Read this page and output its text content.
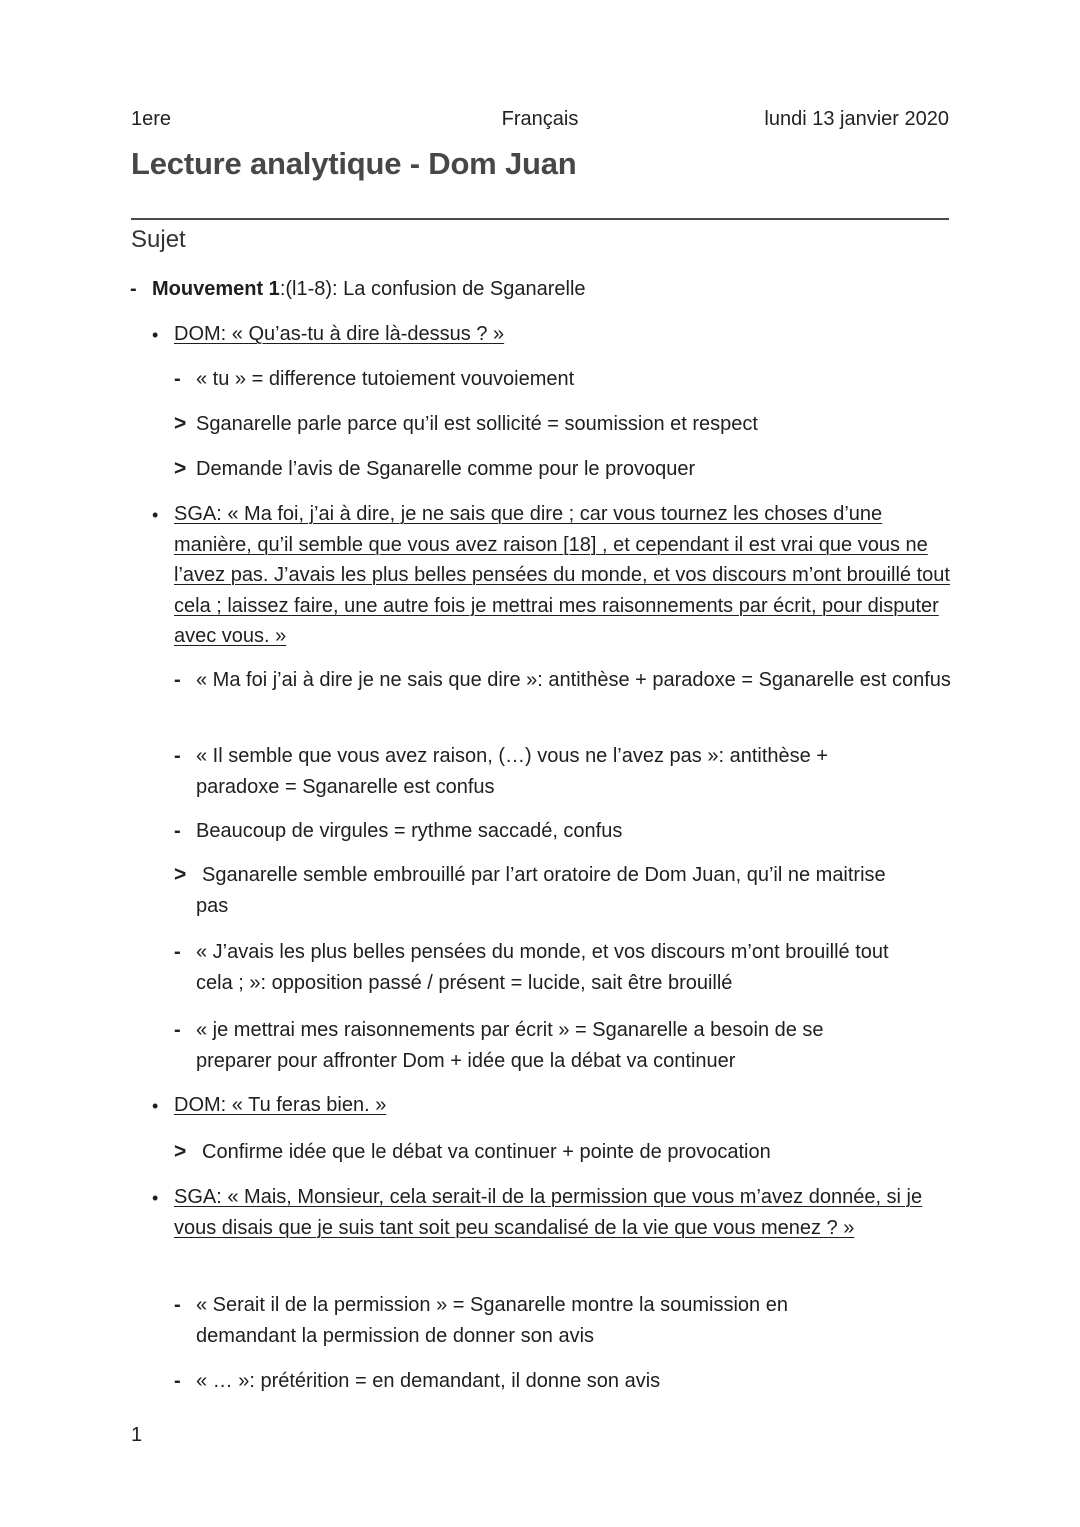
1ere	Français	lundi 13 janvier 2020
Lecture analytique - Dom Juan
Sujet
- Mouvement 1:(l1-8): La confusion de Sganarelle
• DOM: « Qu’as-tu à dire là-dessus ? »
- « tu » = difference tutoiement vouvoiement
> Sganarelle parle parce qu’il est sollicité = soumission et respect
> Demande l’avis de Sganarelle comme pour le provoquer
• SGA: « Ma foi, j’ai à dire, je ne sais que dire ; car vous tournez les choses d’une manière, qu’il semble que vous avez raison [18] , et cependant il est vrai que vous ne l’avez pas. J’avais les plus belles pensées du monde, et vos discours m’ont brouillé tout cela ; laissez faire, une autre fois je mettrai mes raisonnements par écrit, pour disputer avec vous. »
- « Ma foi j’ai à dire je ne sais que dire »: antithèse + paradoxe = Sganarelle est confus
- « Il semble que vous avez raison, (…) vous ne l’avez pas »: antithèse + paradoxe = Sganarelle est confus
- Beaucoup de virgules = rythme saccadé, confus
> Sganarelle semble embrouillé par l’art oratoire de Dom Juan, qu’il ne maitrise pas
- « J’avais les plus belles pensées du monde, et vos discours m’ont brouillé tout cela ; »: opposition passé / présent = lucide, sait être brouillé
- « je mettrai mes raisonnements par écrit » = Sganarelle a besoin de se preparer pour affronter Dom + idée que la débat va continuer
• DOM: « Tu feras bien. »
> Confirme idée que le débat va continuer + pointe de provocation
• SGA: « Mais, Monsieur, cela serait-il de la permission que vous m’avez donnée, si je vous disais que je suis tant soit peu scandalisé de la vie que vous menez ? »
- « Serait il de la permission » = Sganarelle montre la soumission en demandant la permission de donner son avis
- « … »: prétérition = en demandant, il donne son avis
1
